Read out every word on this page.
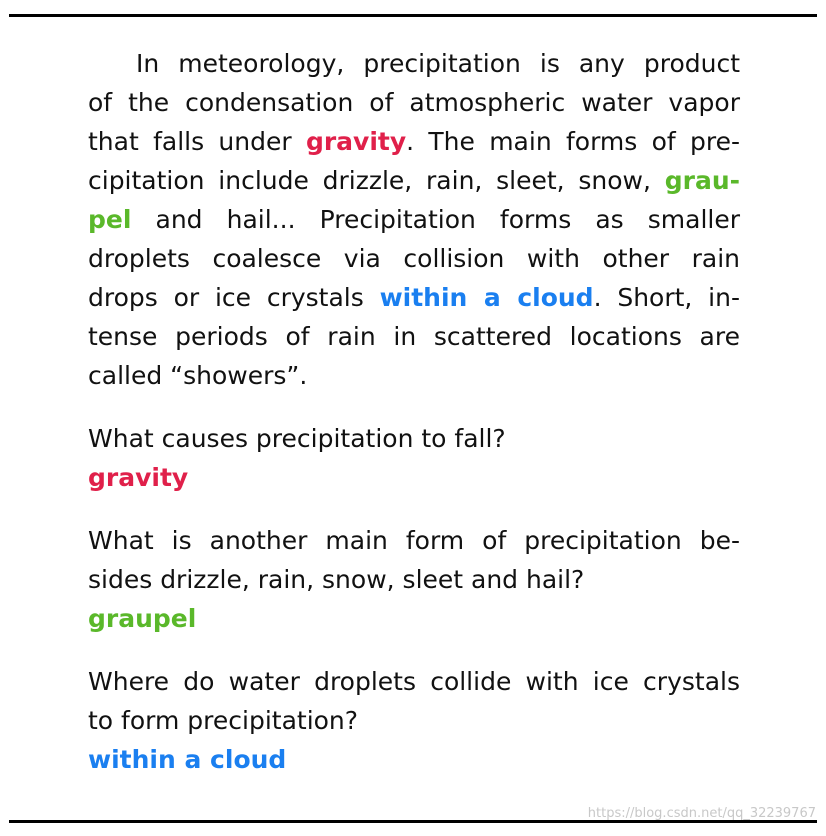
In meteorology, precipitation is any product
of the condensation of atmospheric water vapor
that falls under gravity. The main forms of pre-
cipitation include drizzle, rain, sleet, snow, grau-
pel and hail... Precipitation forms as smaller
droplets coalesce via collision with other rain
drops or ice crystals within a cloud. Short, in-
tense periods of rain in scattered locations are
called “showers”.
What causes precipitation to fall?
gravity
What is another main form of precipitation be-
sides drizzle, rain, snow, sleet and hail?
graupel
Where do water droplets collide with ice crystals
to form precipitation?
within a cloud
https://blog.csdn.net/qq_32239767
